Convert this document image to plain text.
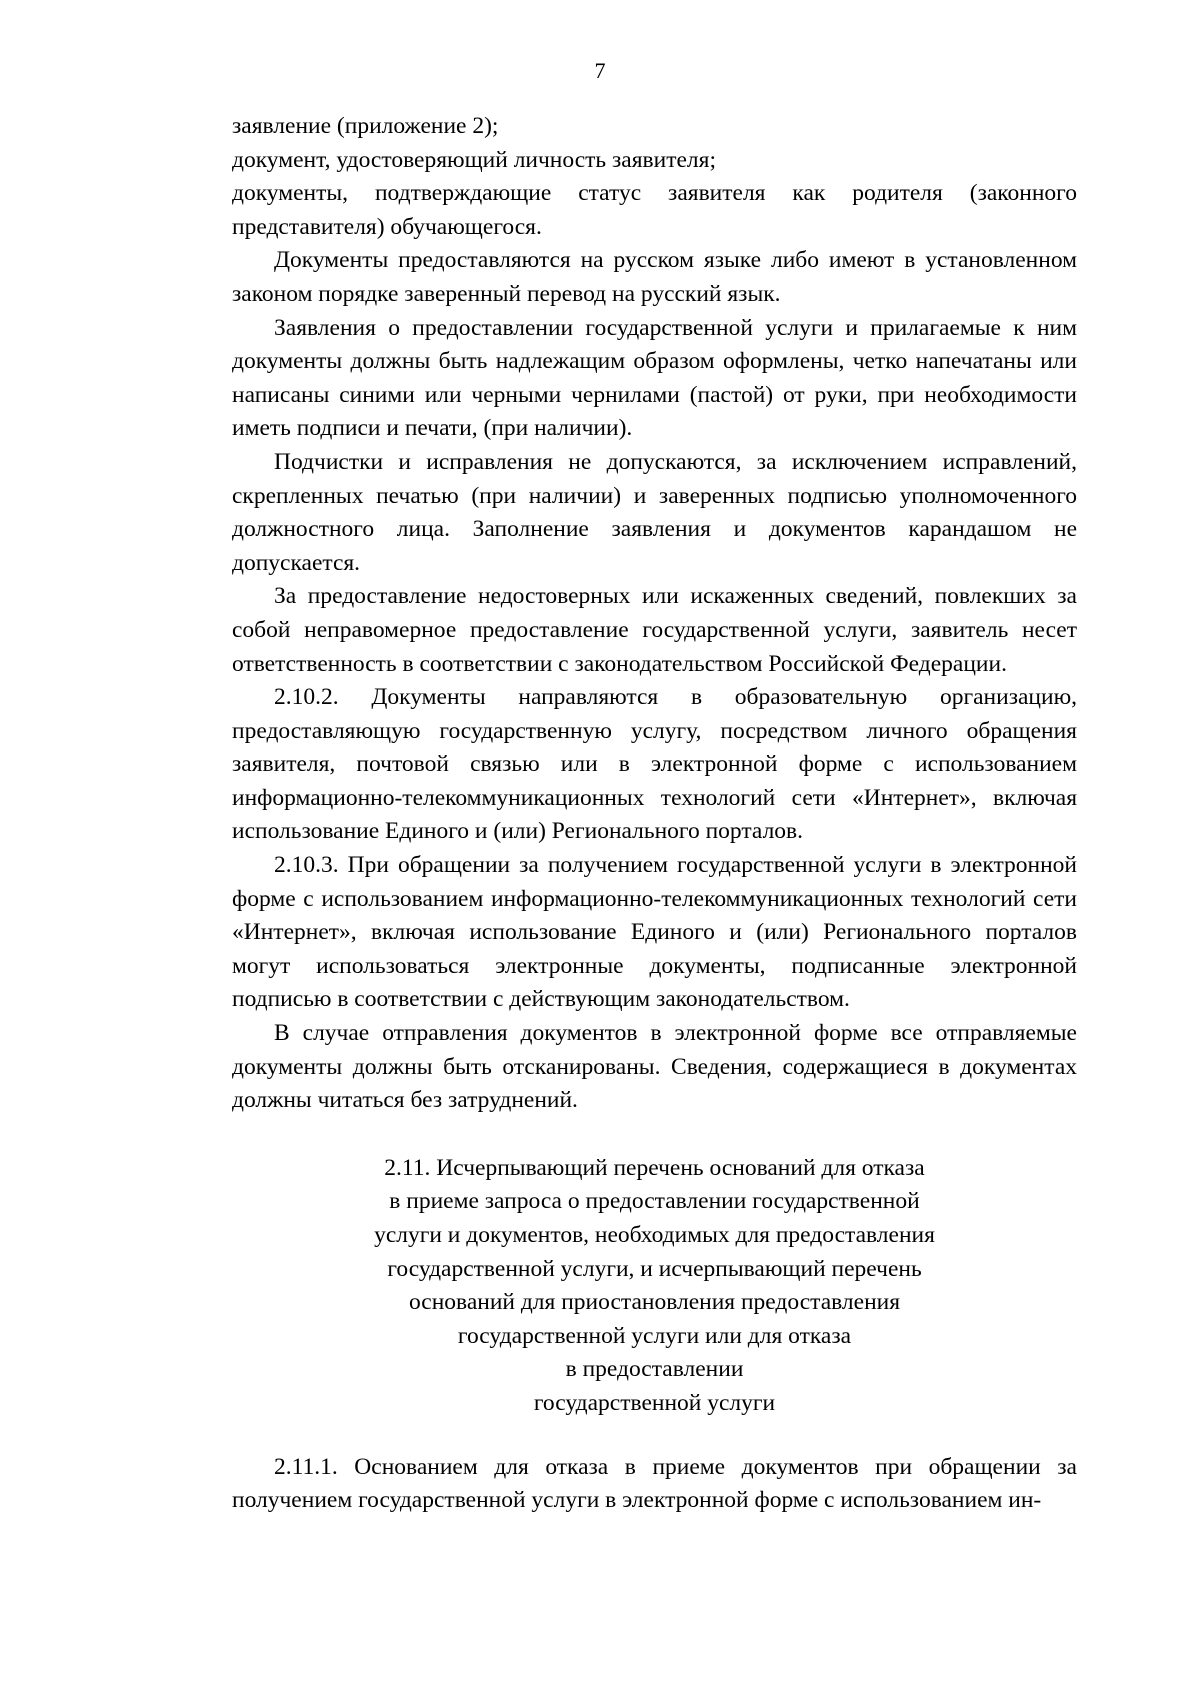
7

заявление (приложение 2);

документ, удостоверяющий личность заявителя;

документы, подтверждающие статус заявителя как родителя (законного представителя) обучающегося.

Документы предоставляются на русском языке либо имеют в установленном законом порядке заверенный перевод на русский язык.

Заявления о предоставлении государственной услуги и прилагаемые к ним документы должны быть надлежащим образом оформлены, четко напечатаны или написаны синими или черными чернилами (пастой) от руки, при необходимости иметь подписи и печати, (при наличии).

Подчистки и исправления не допускаются, за исключением исправлений, скрепленных печатью (при наличии) и заверенных подписью уполномоченного должностного лица. Заполнение заявления и документов карандашом не допускается.

За предоставление недостоверных или искаженных сведений, повлекших за собой неправомерное предоставление государственной услуги, заявитель несет ответственность в соответствии с законодательством Российской Федерации.

2.10.2. Документы направляются в образовательную организацию, предоставляющую государственную услугу, посредством личного обращения заявителя, почтовой связью или в электронной форме с использованием информационно-телекоммуникационных технологий сети «Интернет», включая использование Единого и (или) Регионального порталов.

2.10.3. При обращении за получением государственной услуги в электронной форме с использованием информационно-телекоммуникационных технологий сети «Интернет», включая использование Единого и (или) Регионального порталов могут использоваться электронные документы, подписанные электронной подписью в соответствии с действующим законодательством.

В случае отправления документов в электронной форме все отправляемые документы должны быть отсканированы. Сведения, содержащиеся в документах должны читаться без затруднений.

2.11. Исчерпывающий перечень оснований для отказа
в приеме запроса о предоставлении государственной
услуги и документов, необходимых для предоставления
государственной услуги, и исчерпывающий перечень
оснований для приостановления предоставления
государственной услуги или для отказа
в предоставлении
государственной услуги

2.11.1. Основанием для отказа в приеме документов при обращении за получением государственной услуги в электронной форме с использованием ин-
